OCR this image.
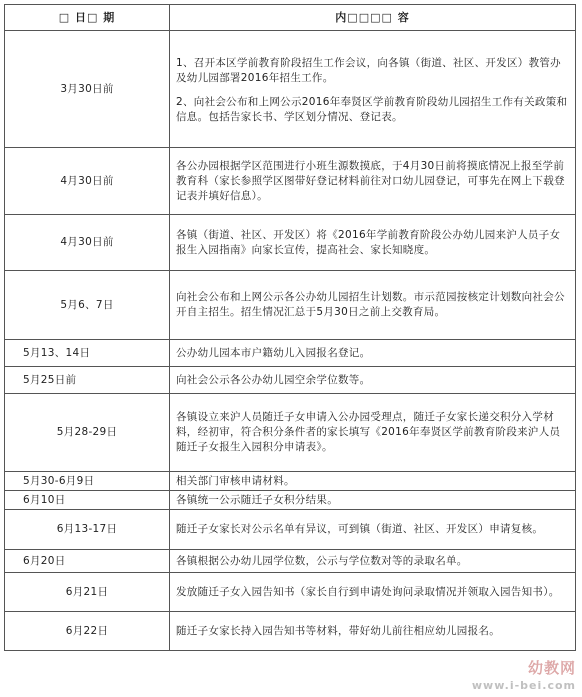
□ 日□ 期	内□□□□ 容
3月30日前	1、召开本区学前教育阶段招生工作会议，向各镇（街道、社区、开发区）教管办及幼儿园部署2016年招生工作。
2、向社会公布和上网公示2016年奉贤区学前教育阶段幼儿园招生工作有关政策和信息。包括告家长书、学区划分情况、登记表。

4月30日前	各公办园根据学区范围进行小班生源数摸底，于4月30日前将摸底情况上报至学前教育科（家长参照学区图带好登记材料前往对口幼儿园登记，可事先在网上下载登记表并填好信息）。
4月30日前	各镇（街道、社区、开发区）将《2016年学前教育阶段公办幼儿园来沪人员子女报生入园指南》向家长宣传，提高社会、家长知晓度。
5月6、7日	向社会公布和上网公示各公办幼儿园招生计划数。市示范园按核定计划数向社会公开自主招生。招生情况汇总于5月30日之前上交教育局。
5月13、14日	公办幼儿园本市户籍幼儿入园报名登记。
5月25日前	向社会公示各公办幼儿园空余学位数等。
5月28-29日	各镇设立来沪人员随迁子女申请入公办园受理点，随迁子女家长递交积分入学材料，经初审，符合积分条件者的家长填写《2016年奉贤区学前教育阶段来沪人员随迁子女报生入园积分申请表》。
5月30-6月9日	相关部门审核申请材料。
6月10日	各镇统一公示随迁子女积分结果。
6月13-17日	随迁子女家长对公示名单有异议，可到镇（街道、社区、开发区）申请复核。
6月20日	各镇根据公办幼儿园学位数，公示与学位数对等的录取名单。
6月21日	发放随迁子女入园告知书（家长自行到申请处询问录取情况并领取入园告知书）。
6月22日	随迁子女家长持入园告知书等材料，带好幼儿前往相应幼儿园报名。
幼教网
www.i-bei.com
